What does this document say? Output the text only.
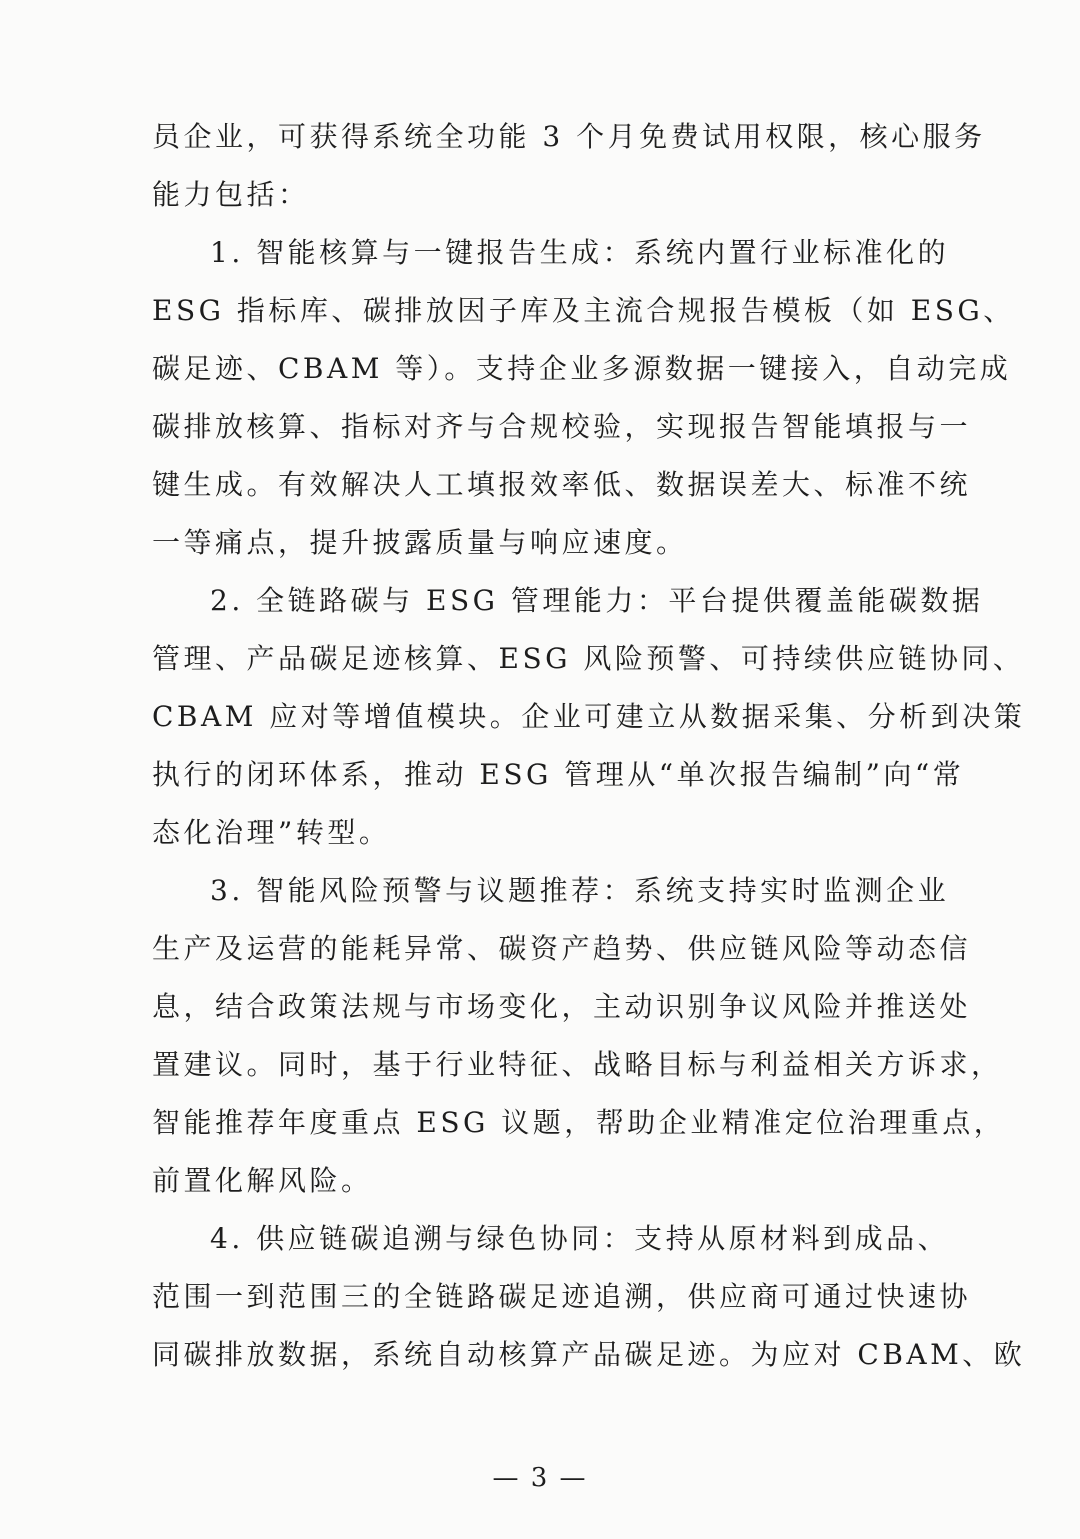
员企业，可获得系统全功能 3 个月免费试用权限，核心服务
能力包括：
1. 智能核算与一键报告生成：系统内置行业标准化的
ESG 指标库、碳排放因子库及主流合规报告模板（如 ESG、
碳足迹、CBAM 等）。支持企业多源数据一键接入，自动完成
碳排放核算、指标对齐与合规校验，实现报告智能填报与一
键生成。有效解决人工填报效率低、数据误差大、标准不统
一等痛点，提升披露质量与响应速度。
2. 全链路碳与 ESG 管理能力：平台提供覆盖能碳数据
管理、产品碳足迹核算、ESG 风险预警、可持续供应链协同、
CBAM 应对等增值模块。企业可建立从数据采集、分析到决策
执行的闭环体系，推动 ESG 管理从“单次报告编制”向“常
态化治理”转型。
3. 智能风险预警与议题推荐：系统支持实时监测企业
生产及运营的能耗异常、碳资产趋势、供应链风险等动态信
息，结合政策法规与市场变化，主动识别争议风险并推送处
置建议。同时，基于行业特征、战略目标与利益相关方诉求，
智能推荐年度重点 ESG 议题，帮助企业精准定位治理重点，
前置化解风险。
4. 供应链碳追溯与绿色协同：支持从原材料到成品、
范围一到范围三的全链路碳足迹追溯，供应商可通过快速协
同碳排放数据，系统自动核算产品碳足迹。为应对 CBAM、欧
— 3 —
